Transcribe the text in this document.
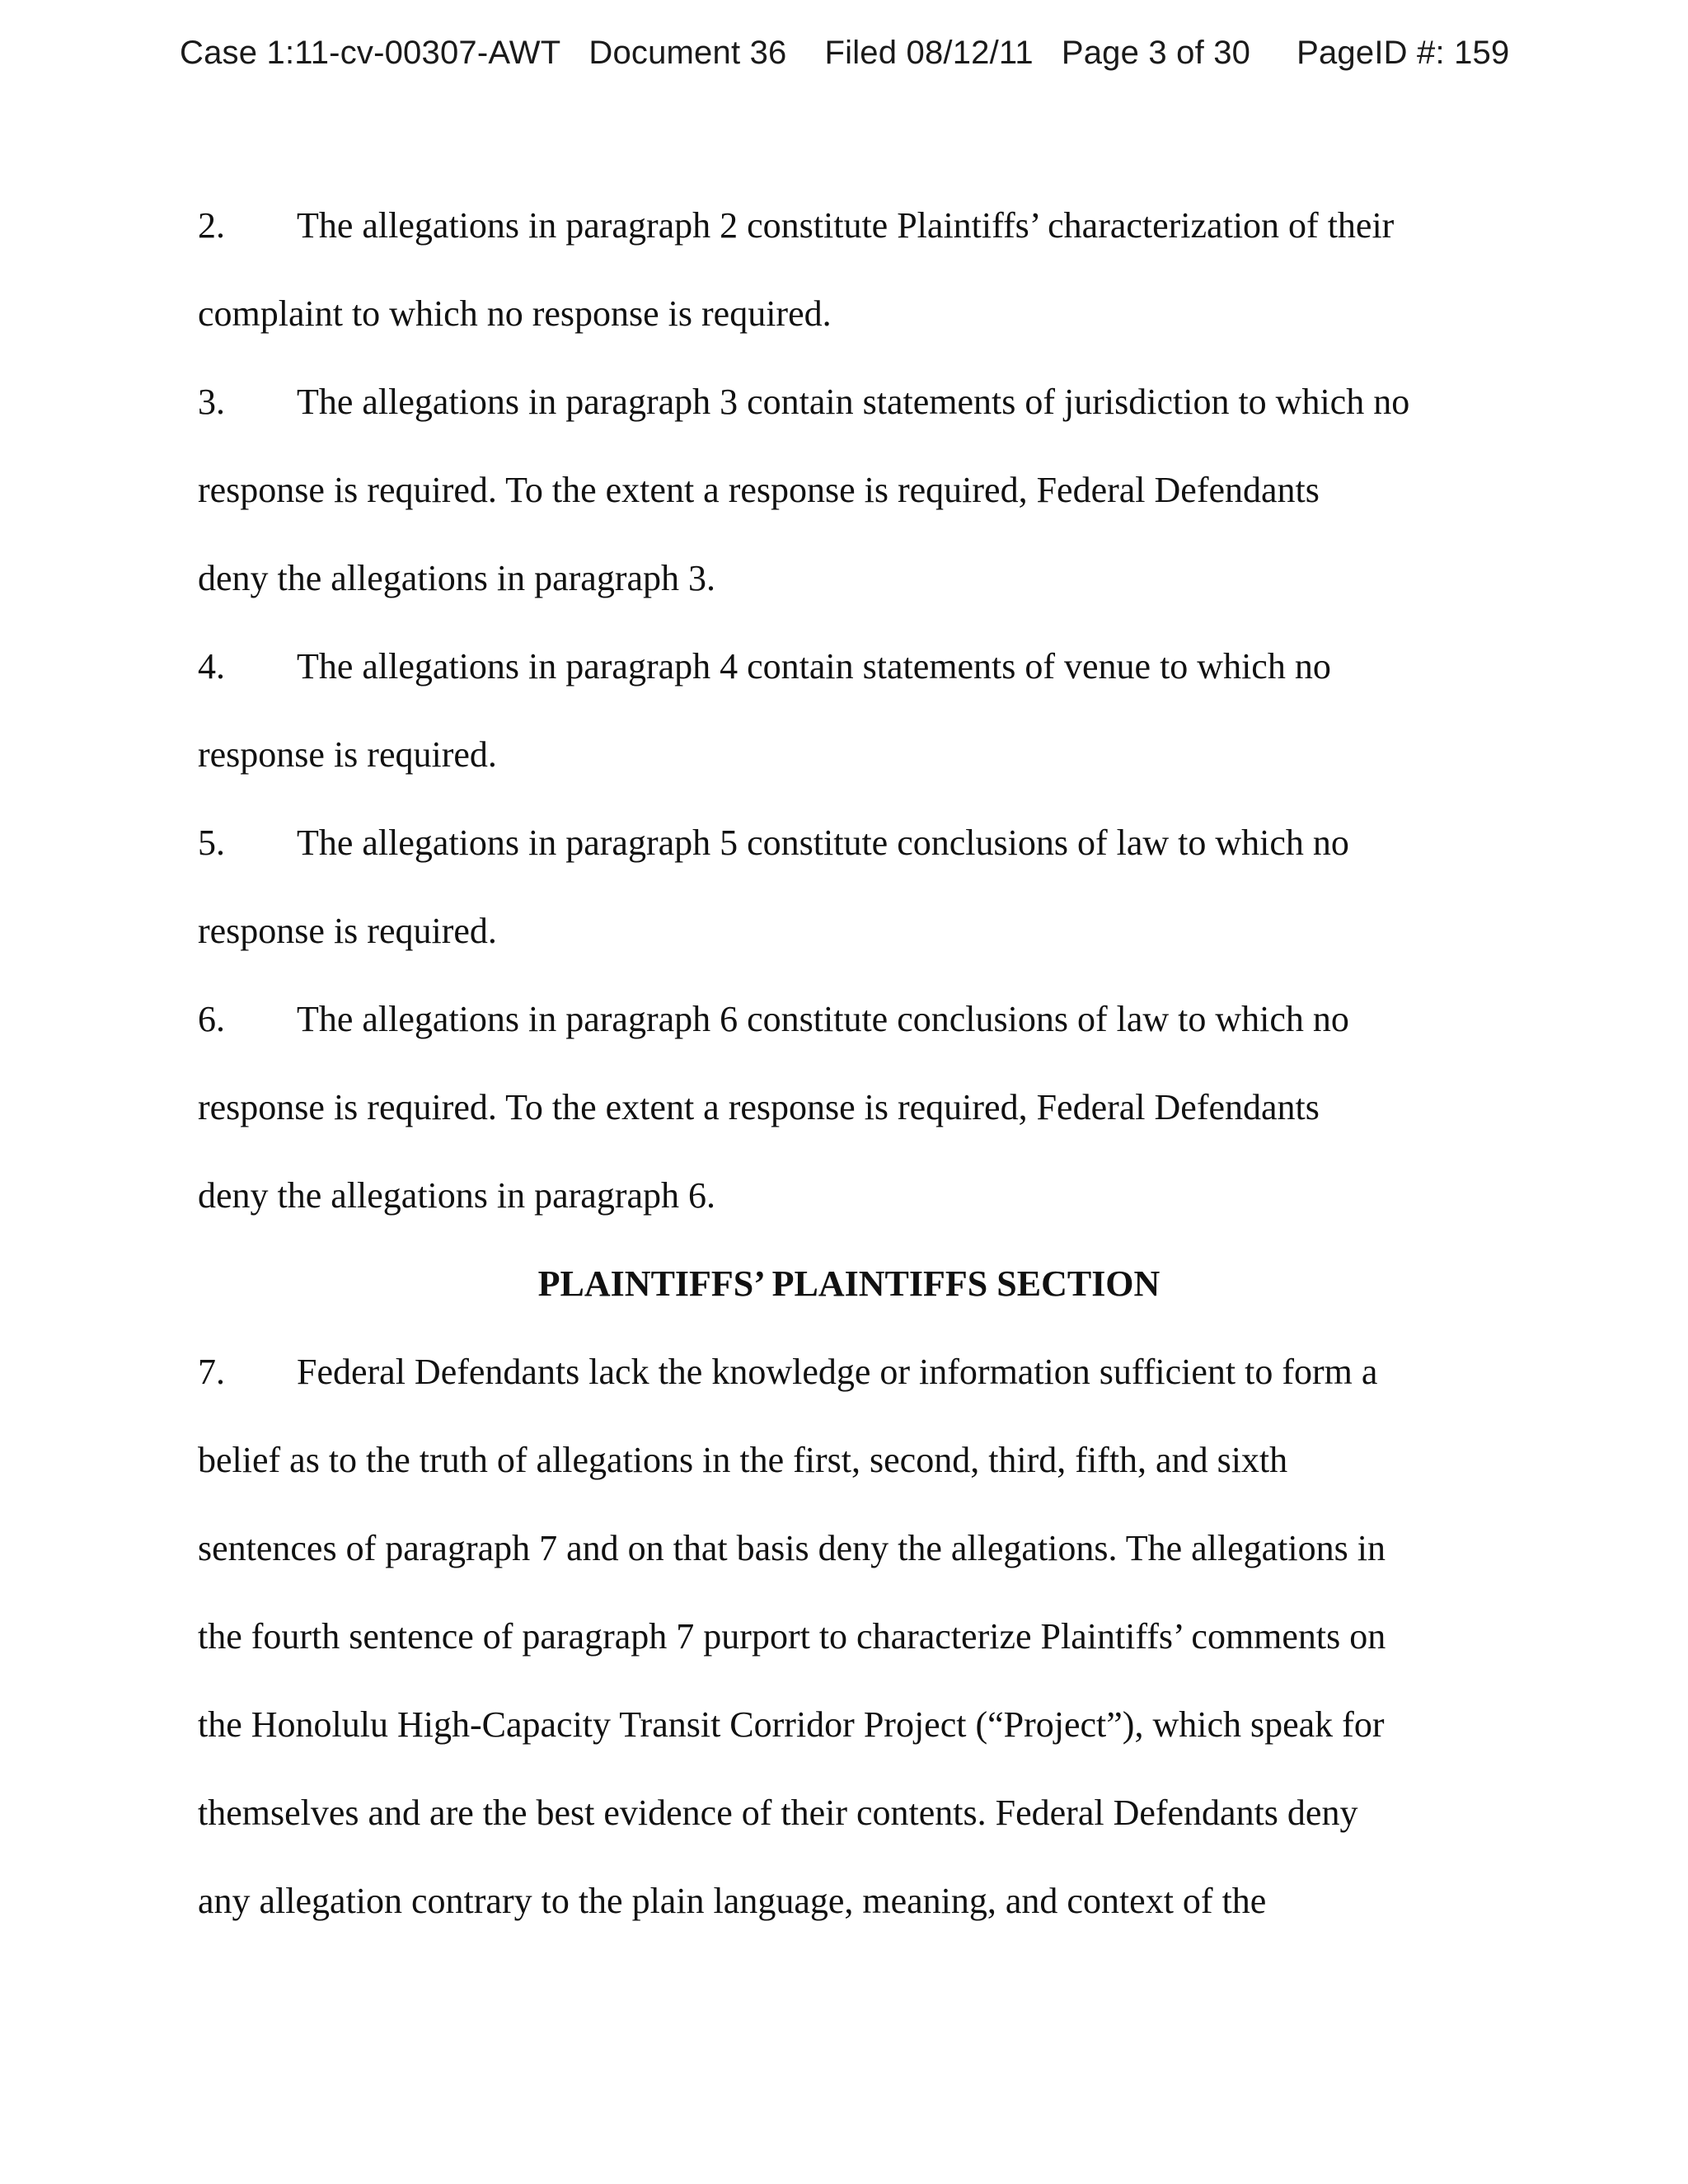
Case 1:11-cv-00307-AWT Document 36 Filed 08/12/11 Page 3 of 30 PageID #: 159
2. The allegations in paragraph 2 constitute Plaintiffs’ characterization of their
complaint to which no response is required.
3. The allegations in paragraph 3 contain statements of jurisdiction to which no
response is required. To the extent a response is required, Federal Defendants
deny the allegations in paragraph 3.
4. The allegations in paragraph 4 contain statements of venue to which no
response is required.
5. The allegations in paragraph 5 constitute conclusions of law to which no
response is required.
6. The allegations in paragraph 6 constitute conclusions of law to which no
response is required. To the extent a response is required, Federal Defendants
deny the allegations in paragraph 6.
PLAINTIFFS’ PLAINTIFFS SECTION
7. Federal Defendants lack the knowledge or information sufficient to form a
belief as to the truth of allegations in the first, second, third, fifth, and sixth
sentences of paragraph 7 and on that basis deny the allegations. The allegations in
the fourth sentence of paragraph 7 purport to characterize Plaintiffs’ comments on
the Honolulu High-Capacity Transit Corridor Project (“Project”), which speak for
themselves and are the best evidence of their contents. Federal Defendants deny
any allegation contrary to the plain language, meaning, and context of the
